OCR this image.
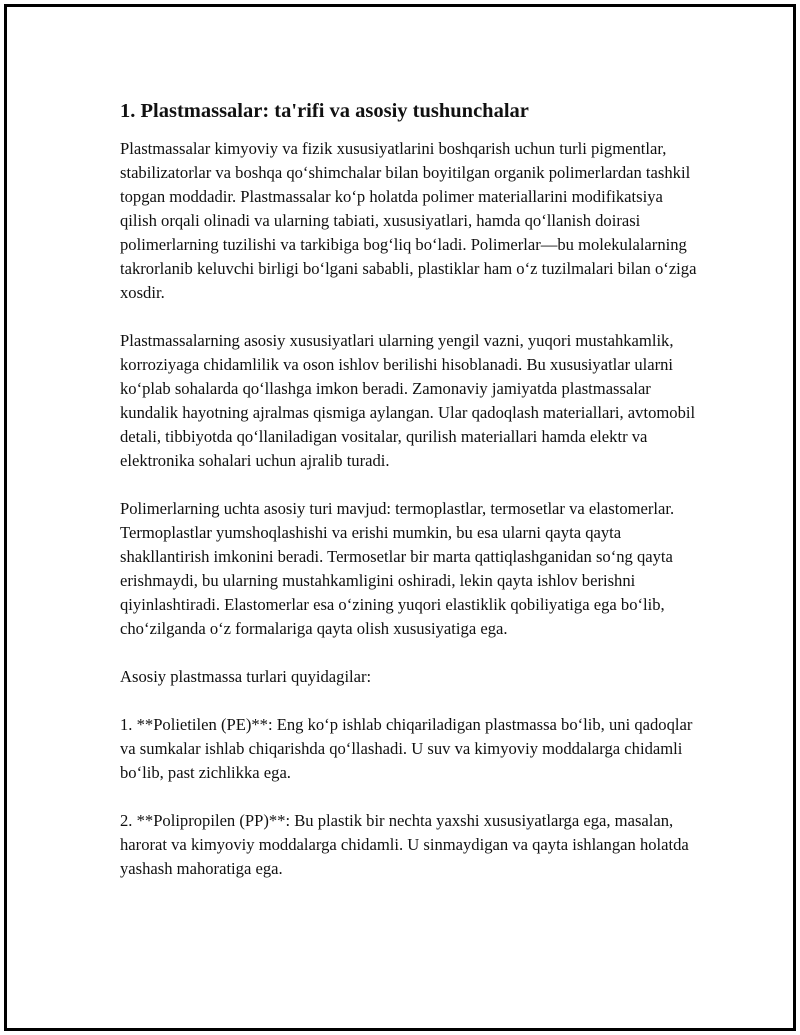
1. Plastmassalar: ta'rifi va asosiy tushunchalar

Plastmassalar kimyoviy va fizik xususiyatlarini boshqarish uchun turli pigmentlar, stabilizatorlar va boshqa qo‘shimchalar bilan boyitilgan organik polimerlardan tashkil topgan moddadir. Plastmassalar ko‘p holatda polimer materiallarini modifikatsiya qilish orqali olinadi va ularning tabiati, xususiyatlari, hamda qo‘llanish doirasi polimerlarning tuzilishi va tarkibiga bog‘liq bo‘ladi. Polimerlar—bu molekulalarning takrorlanib keluvchi birligi bo‘lgani sababli, plastiklar ham o‘z tuzilmalari bilan o‘ziga xosdir.

Plastmassalarning asosiy xususiyatlari ularning yengil vazni, yuqori mustahkamlik, korroziyaga chidamlilik va oson ishlov berilishi hisoblanadi. Bu xususiyatlar ularni ko‘plab sohalarda qo‘llashga imkon beradi. Zamonaviy jamiyatda plastmassalar kundalik hayotning ajralmas qismiga aylangan. Ular qadoqlash materiallari, avtomobil detali, tibbiyotda qo‘llaniladigan vositalar, qurilish materiallari hamda elektr va elektronika sohalari uchun ajralib turadi.

Polimerlarning uchta asosiy turi mavjud: termoplastlar, termosetlar va elastomerlar. Termoplastlar yumshoqlashishi va erishi mumkin, bu esa ularni qayta qayta shakllantirish imkonini beradi. Termosetlar bir marta qattiqlashganidan so‘ng qayta erishmaydi, bu ularning mustahkamligini oshiradi, lekin qayta ishlov berishni qiyinlashtiradi. Elastomerlar esa o‘zining yuqori elastiklik qobiliyatiga ega bo‘lib, cho‘zilganda o‘z formalariga qayta olish xususiyatiga ega.

Asosiy plastmassa turlari quyidagilar:

1. **Polietilen (PE)**: Eng ko‘p ishlab chiqariladigan plastmassa bo‘lib, uni qadoqlar va sumkalar ishlab chiqarishda qo‘llashadi. U suv va kimyoviy moddalarga chidamli bo‘lib, past zichlikka ega.

2. **Polipropilen (PP)**: Bu plastik bir nechta yaxshi xususiyatlarga ega, masalan, harorat va kimyoviy moddalarga chidamli. U sinmaydigan va qayta ishlangan holatda yashash mahoratiga ega.
